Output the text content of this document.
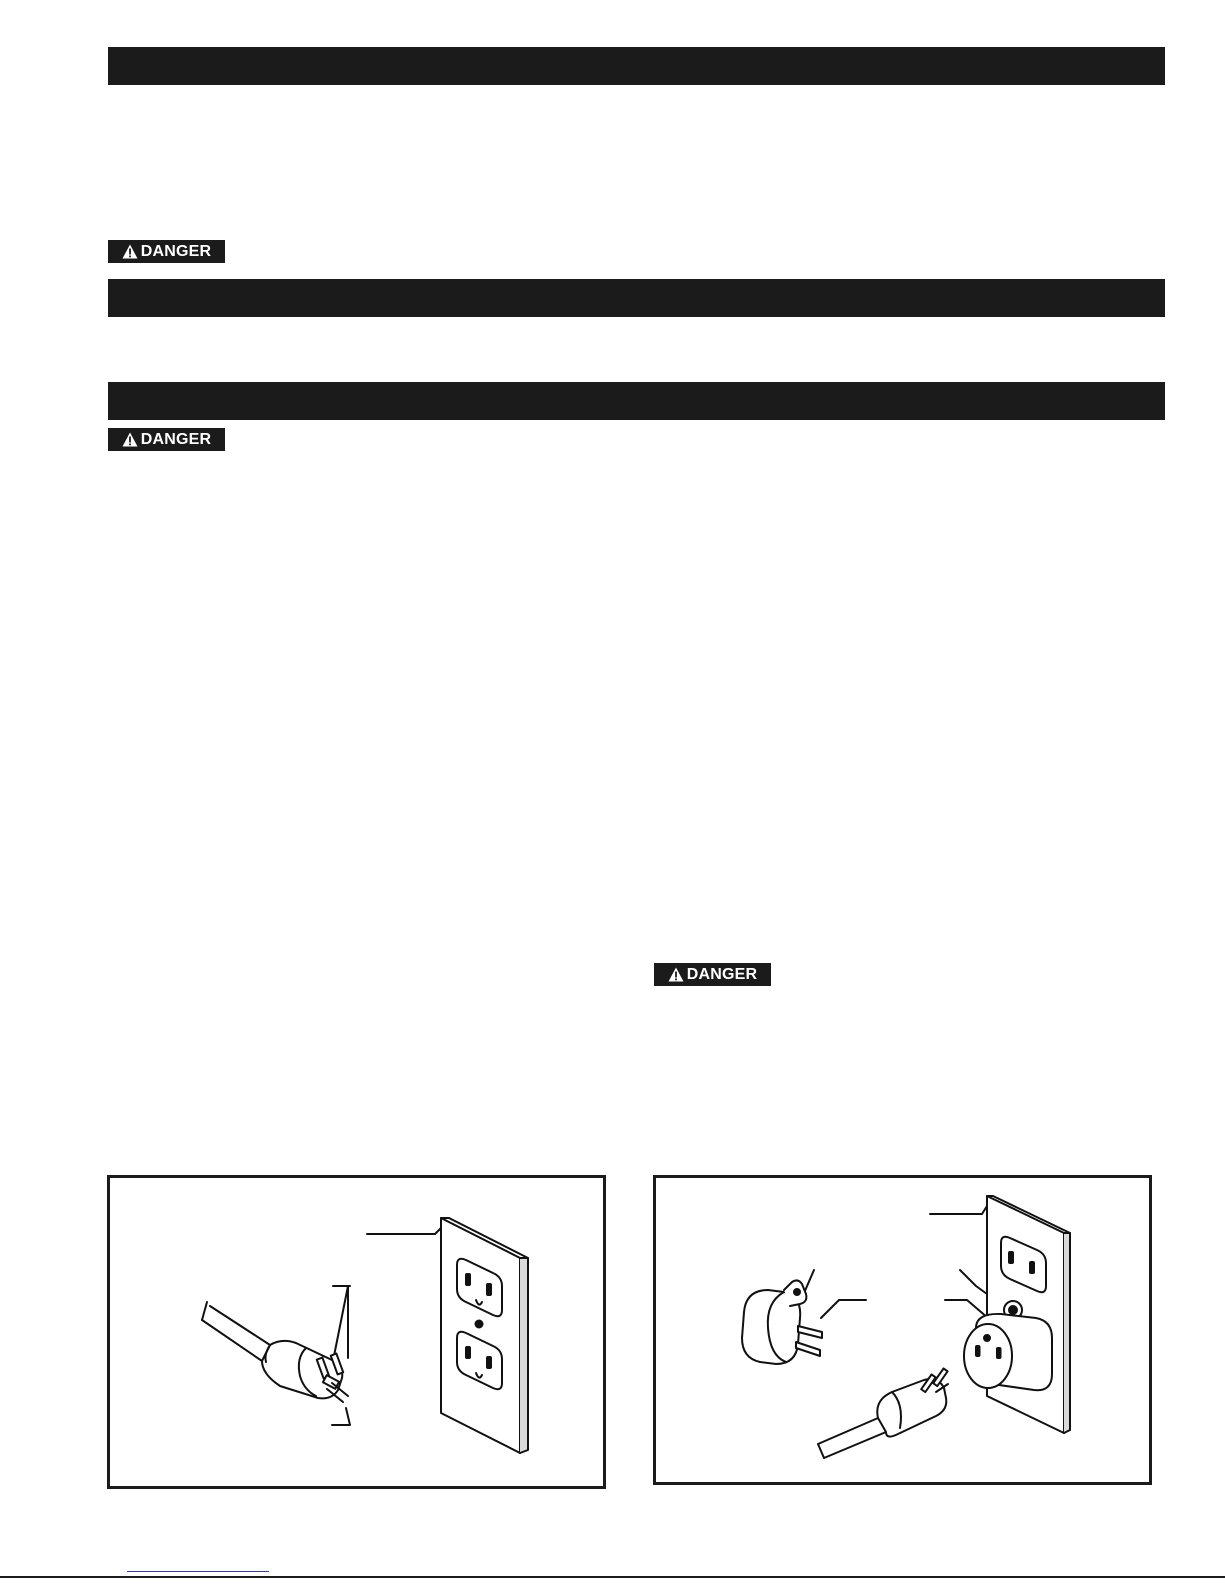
DANGER
DANGER
DANGER
